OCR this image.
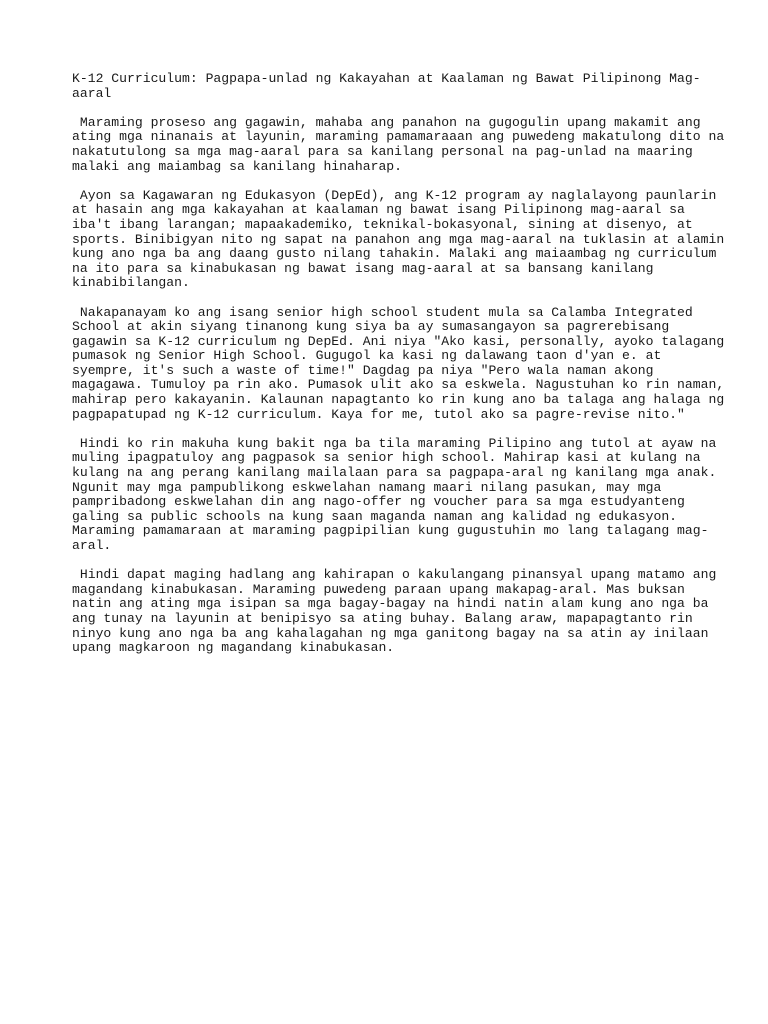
K-12 Curriculum: Pagpapa-unlad ng Kakayahan at Kaalaman ng Bawat Pilipinong Mag-
aaral
Maraming proseso ang gagawin, mahaba ang panahon na gugogulin upang makamit ang
ating mga ninanais at layunin, maraming pamamaraaan ang puwedeng makatulong dito na
nakatutulong sa mga mag-aaral para sa kanilang personal na pag-unlad na maaring
malaki ang maiambag sa kanilang hinaharap.
Ayon sa Kagawaran ng Edukasyon (DepEd), ang K-12 program ay naglalayong paunlarin
at hasain ang mga kakayahan at kaalaman ng bawat isang Pilipinong mag-aaral sa
iba't ibang larangan; mapaakademiko, teknikal-bokasyonal, sining at disenyo, at
sports. Binibigyan nito ng sapat na panahon ang mga mag-aaral na tuklasin at alamin
kung ano nga ba ang daang gusto nilang tahakin. Malaki ang maiaambag ng curriculum
na ito para sa kinabukasan ng bawat isang mag-aaral at sa bansang kanilang
kinabibilangan.
Nakapanayam ko ang isang senior high school student mula sa Calamba Integrated
School at akin siyang tinanong kung siya ba ay sumasangayon sa pagrerebisang
gagawin sa K-12 curriculum ng DepEd. Ani niya "Ako kasi, personally, ayoko talagang
pumasok ng Senior High School. Gugugol ka kasi ng dalawang taon d'yan e. at
syempre, it's such a waste of time!" Dagdag pa niya "Pero wala naman akong
magagawa. Tumuloy pa rin ako. Pumasok ulit ako sa eskwela. Nagustuhan ko rin naman,
mahirap pero kakayanin. Kalaunan napagtanto ko rin kung ano ba talaga ang halaga ng
pagpapatupad ng K-12 curriculum. Kaya for me, tutol ako sa pagre-revise nito."
Hindi ko rin makuha kung bakit nga ba tila maraming Pilipino ang tutol at ayaw na
muling ipagpatuloy ang pagpasok sa senior high school. Mahirap kasi at kulang na
kulang na ang perang kanilang mailalaan para sa pagpapa-aral ng kanilang mga anak.
Ngunit may mga pampublikong eskwelahan namang maari nilang pasukan, may mga
pampribadong eskwelahan din ang nago-offer ng voucher para sa mga estudyanteng
galing sa public schools na kung saan maganda naman ang kalidad ng edukasyon.
Maraming pamamaraan at maraming pagpipilian kung gugustuhin mo lang talagang mag-
aral.
Hindi dapat maging hadlang ang kahirapan o kakulangang pinansyal upang matamo ang
magandang kinabukasan. Maraming puwedeng paraan upang makapag-aral. Mas buksan
natin ang ating mga isipan sa mga bagay-bagay na hindi natin alam kung ano nga ba
ang tunay na layunin at benipisyo sa ating buhay. Balang araw, mapapagtanto rin
ninyo kung ano nga ba ang kahalagahan ng mga ganitong bagay na sa atin ay inilaan
upang magkaroon ng magandang kinabukasan.
